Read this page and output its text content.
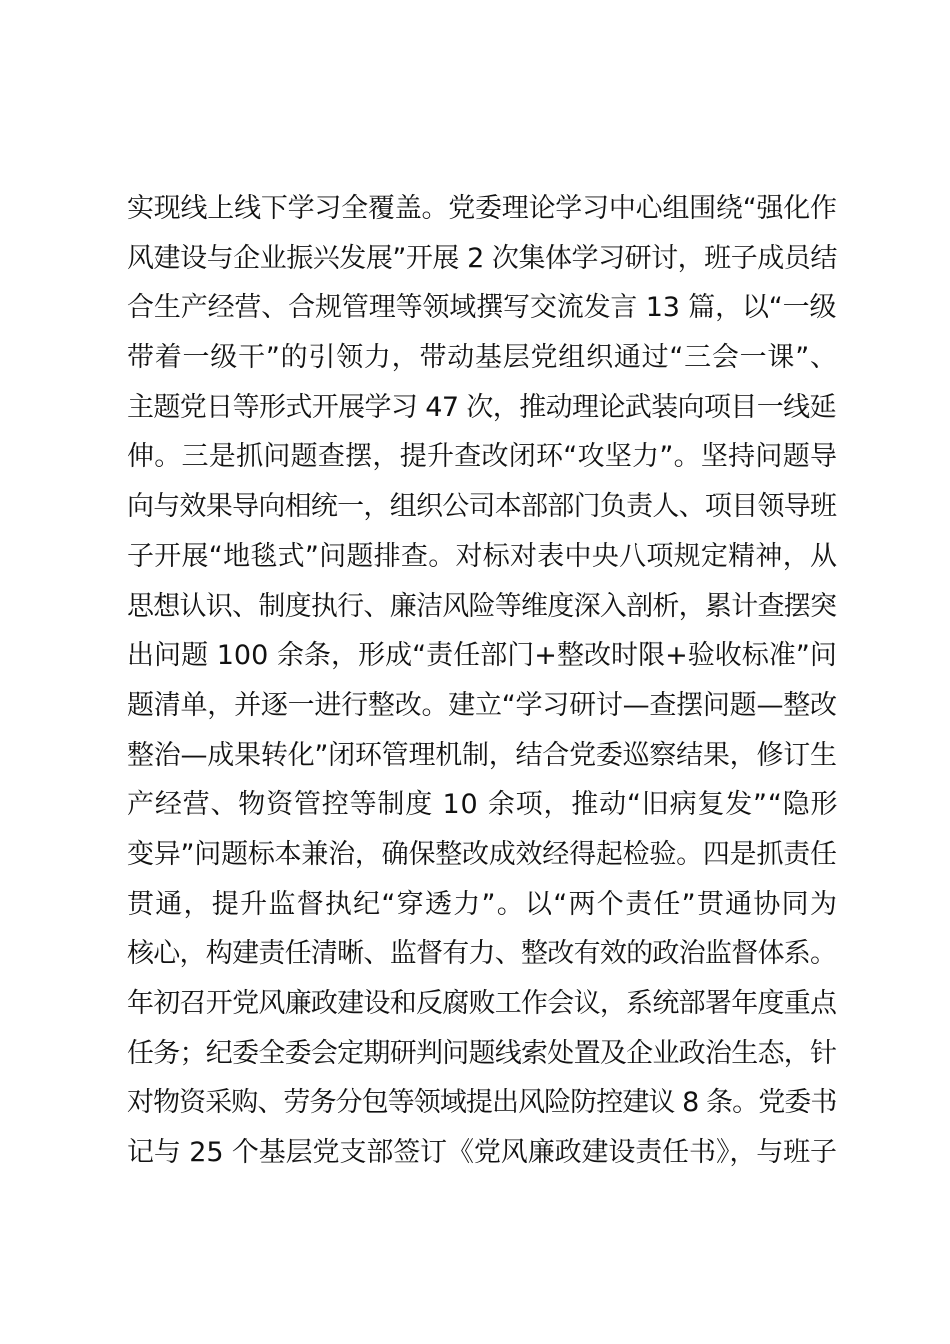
实现线上线下学习全覆盖。党委理论学习中心组围绕“强化作
风建设与企业振兴发展”开展 2 次集体学习研讨，班子成员结
合生产经营、合规管理等领域撰写交流发言 13 篇，以“一级
带着一级干”的引领力，带动基层党组织通过“三会一课”、
主题党日等形式开展学习 47 次，推动理论武装向项目一线延
伸。三是抓问题查摆，提升查改闭环“攻坚力”。坚持问题导
向与效果导向相统一，组织公司本部部门负责人、项目领导班
子开展“地毯式”问题排查。对标对表中央八项规定精神，从
思想认识、制度执行、廉洁风险等维度深入剖析，累计查摆突
出问题 100 余条，形成“责任部门+整改时限+验收标准”问
题清单，并逐一进行整改。建立“学习研讨—查摆问题—整改
整治—成果转化”闭环管理机制，结合党委巡察结果，修订生
产经营、物资管控等制度 10 余项，推动“旧病复发”“隐形
变异”问题标本兼治，确保整改成效经得起检验。四是抓责任
贯通，提升监督执纪“穿透力”。以“两个责任”贯通协同为
核心，构建责任清晰、监督有力、整改有效的政治监督体系。
年初召开党风廉政建设和反腐败工作会议，系统部署年度重点
任务；纪委全委会定期研判问题线索处置及企业政治生态，针
对物资采购、劳务分包等领域提出风险防控建议 8 条。党委书
记与 25 个基层党支部签订《党风廉政建设责任书》，与班子
